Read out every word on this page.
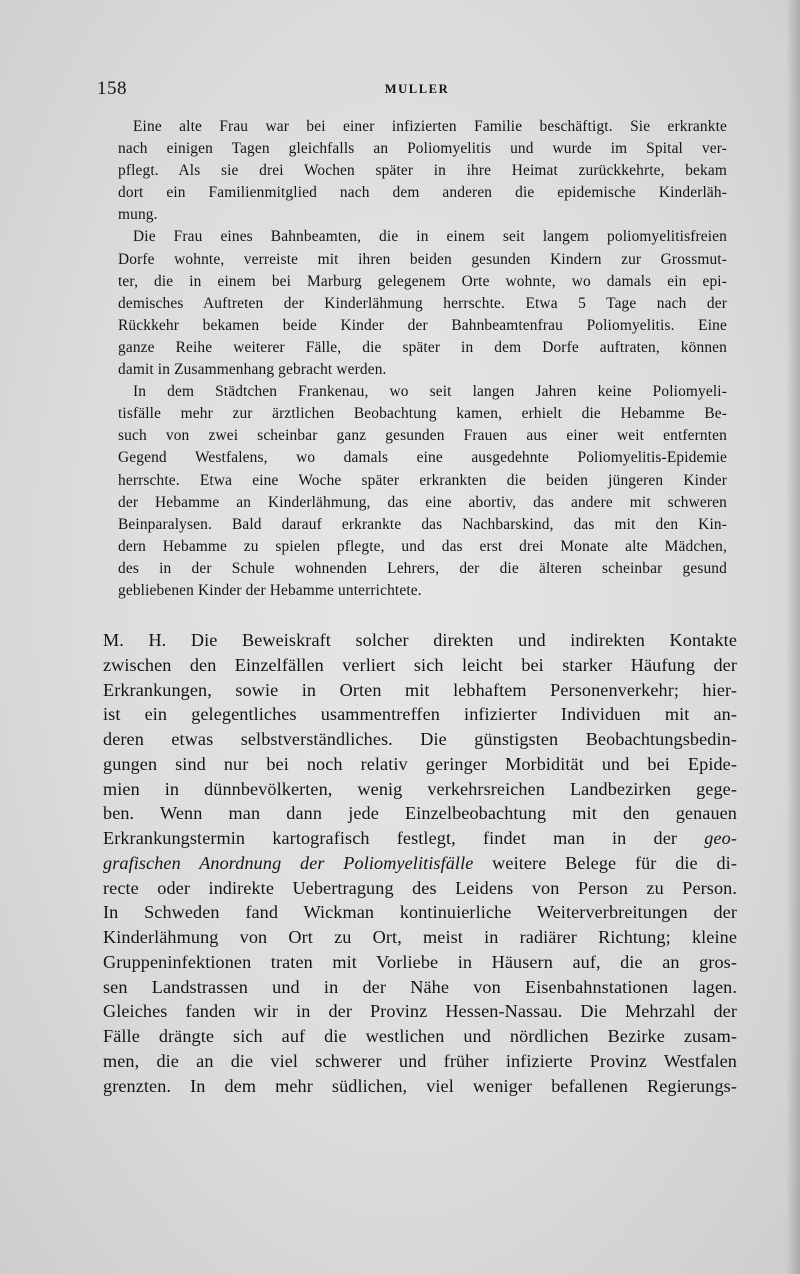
158	MULLER

Eine alte Frau war bei einer infizierten Familie beschäftigt. Sie erkrankte
nach einigen Tagen gleichfalls an Poliomyelitis und wurde im Spital ver-
pflegt. Als sie drei Wochen später in ihre Heimat zurückkehrte, bekam
dort ein Familienmitglied nach dem anderen die epidemische Kinderläh-
mung.

Die Frau eines Bahnbeamten, die in einem seit langem poliomyelitisfreien
Dorfe wohnte, verreiste mit ihren beiden gesunden Kindern zur Grossmut-
ter, die in einem bei Marburg gelegenem Orte wohnte, wo damals ein epi-
demisches Auftreten der Kinderlähmung herrschte. Etwa 5 Tage nach der
Rückkehr bekamen beide Kinder der Bahnbeamtenfrau Poliomyelitis. Eine
ganze Reihe weiterer Fälle, die später in dem Dorfe auftraten, können
damit in Zusammenhang gebracht werden.

In dem Städtchen Frankenau, wo seit langen Jahren keine Poliomyeli-
tisfälle mehr zur ärztlichen Beobachtung kamen, erhielt die Hebamme Be-
such von zwei scheinbar ganz gesunden Frauen aus einer weit entfernten
Gegend Westfalens, wo damals eine ausgedehnte Poliomyelitis-Epidemie
herrschte. Etwa eine Woche später erkrankten die beiden jüngeren Kinder
der Hebamme an Kinderlähmung, das eine abortiv, das andere mit schweren
Beinparalysen. Bald darauf erkrankte das Nachbarskind, das mit den Kin-
dern Hebamme zu spielen pflegte, und das erst drei Monate alte Mädchen,
des in der Schule wohnenden Lehrers, der die älteren scheinbar gesund
gebliebenen Kinder der Hebamme unterrichtete.

M. H. Die Beweiskraft solcher direkten und indirekten Kontakte
zwischen den Einzelfällen verliert sich leicht bei starker Häufung der
Erkrankungen, sowie in Orten mit lebhaftem Personenverkehr; hier-
ist ein gelegentliches usammentreffen infizierter Individuen mit an-
deren etwas selbstverständliches. Die günstigsten Beobachtungsbedin-
gungen sind nur bei noch relativ geringer Morbidität und bei Epide-
mien in dünnbevölkerten, wenig verkehrsreichen Landbezirken gege-
ben. Wenn man dann jede Einzelbeobachtung mit den genauen
Erkrankungstermin kartografisch festlegt, findet man in der geo-
grafischen Anordnung der Poliomyelitisfälle weitere Belege für die di-
recte oder indirekte Uebertragung des Leidens von Person zu Person.
In Schweden fand Wickman kontinuierliche Weiterverbreitungen der
Kinderlähmung von Ort zu Ort, meist in radiärer Richtung; kleine
Gruppeninfektionen traten mit Vorliebe in Häusern auf, die an gros-
sen Landstrassen und in der Nähe von Eisenbahnstationen lagen.
Gleiches fanden wir in der Provinz Hessen-Nassau. Die Mehrzahl der
Fälle drängte sich auf die westlichen und nördlichen Bezirke zusam-
men, die an die viel schwerer und früher infizierte Provinz Westfalen
grenzten. In dem mehr südlichen, viel weniger befallenen Regierungs-
